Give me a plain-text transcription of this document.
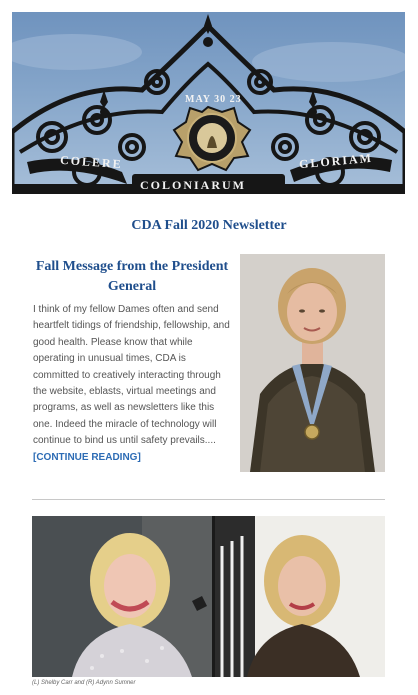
MAY 30 23
COLERE	GLORIAM
COLONIARUM
CDA Fall 2020 Newsletter
Fall Message from the President General
I think of my fellow Dames often and send heartfelt tidings of friendship, fellowship, and good health. Please know that while operating in unusual times, CDA is committed to creatively interacting through the website, eblasts, virtual meetings and programs, as well as newsletters like this one. Indeed the miracle of technology will continue to bind us until safety prevails....
[CONTINUE READING]
(L) Shelby Carr and (R) Adynn Sumner
